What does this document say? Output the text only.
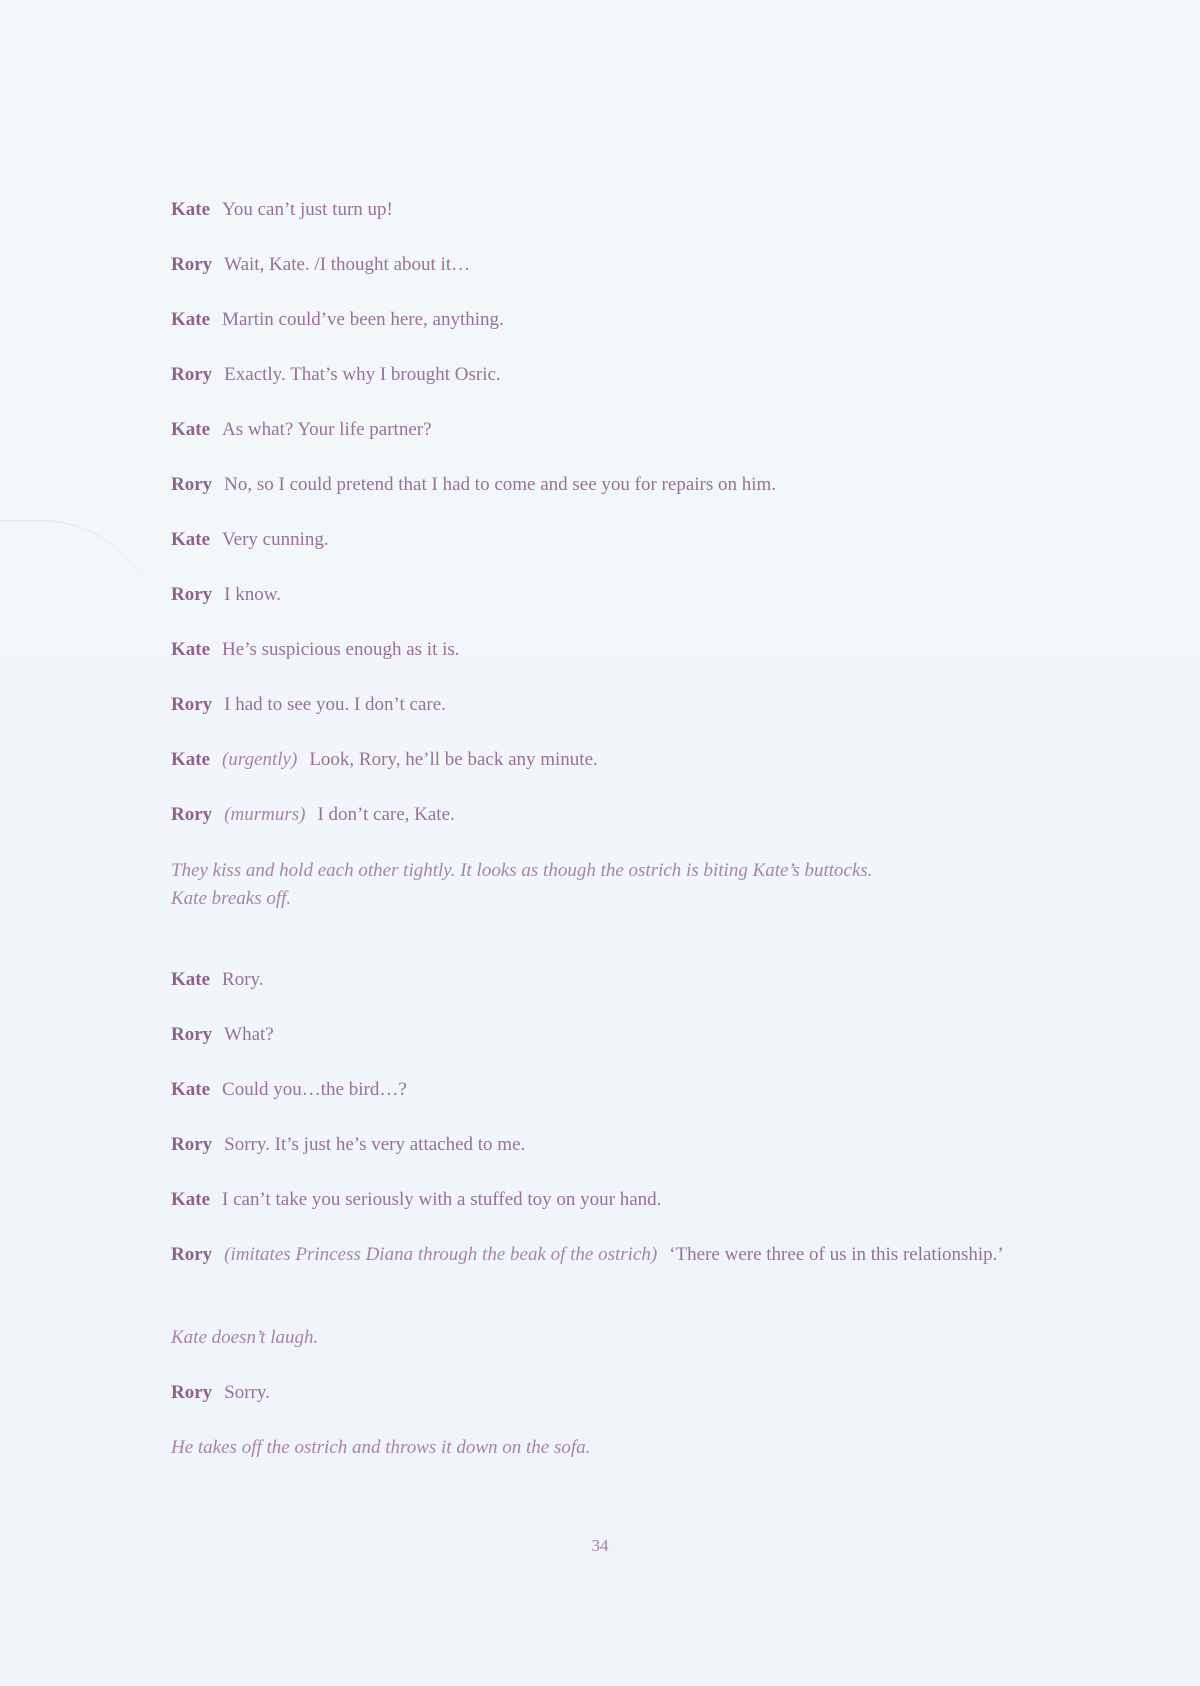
Kate You can’t just turn up!
Rory Wait, Kate. /I thought about it…
Kate Martin could’ve been here, anything.
Rory Exactly. That’s why I brought Osric.
Kate As what? Your life partner?
Rory No, so I could pretend that I had to come and see you for repairs on him.
Kate Very cunning.
Rory I know.
Kate He’s suspicious enough as it is.
Rory I had to see you. I don’t care.
Kate (urgently) Look, Rory, he’ll be back any minute.
Rory (murmurs) I don’t care, Kate.
They kiss and hold each other tightly. It looks as though the ostrich is biting Kate’s buttocks.
Kate breaks off.
Kate Rory.
Rory What?
Kate Could you…the bird…?
Rory Sorry. It’s just he’s very attached to me.
Kate I can’t take you seriously with a stuffed toy on your hand.
Rory (imitates Princess Diana through the beak of the ostrich) ‘There were three of us in this relationship.’
Kate doesn’t laugh.
Rory Sorry.
He takes off the ostrich and throws it down on the sofa.
34
